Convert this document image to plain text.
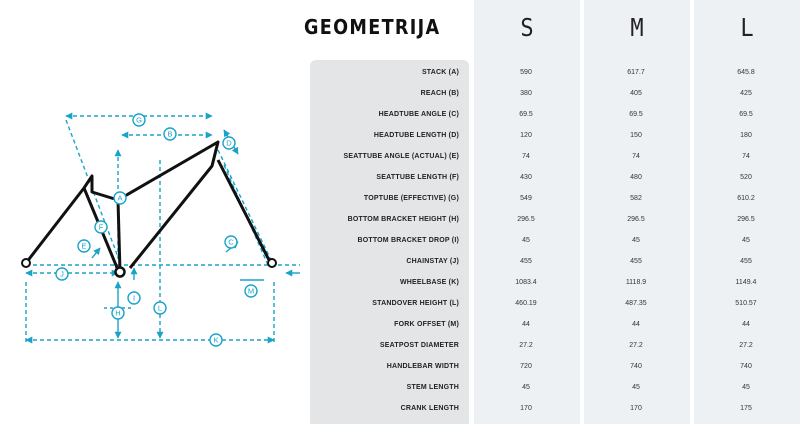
G
B
D
A
F
E	C
J
I
H
L
M
K
GEOMETRIJA	S	M	L
STACK (A)	590	617.7	645.8
REACH (B)	380	405	425
HEADTUBE ANGLE (C)	69.5	69.5	69.5
HEADTUBE LENGTH (D)	120	150	180
SEATTUBE ANGLE (ACTUAL) (E)	74	74	74
SEATTUBE LENGTH (F)	430	480	520
TOPTUBE (EFFECTIVE) (G)	549	582	610.2
BOTTOM BRACKET HEIGHT (H)	296.5	296.5	296.5
BOTTOM BRACKET DROP (I)	45	45	45
CHAINSTAY (J)	455	455	455
WHEELBASE (K)	1083.4	1118.9	1149.4
STANDOVER HEIGHT (L)	460.19	487.35	510.57
FORK OFFSET (M)	44	44	44
SEATPOST DIAMETER	27.2	27.2	27.2
HANDLEBAR WIDTH	720	740	740
STEM LENGTH	45	45	45
CRANK LENGTH	170	170	175
